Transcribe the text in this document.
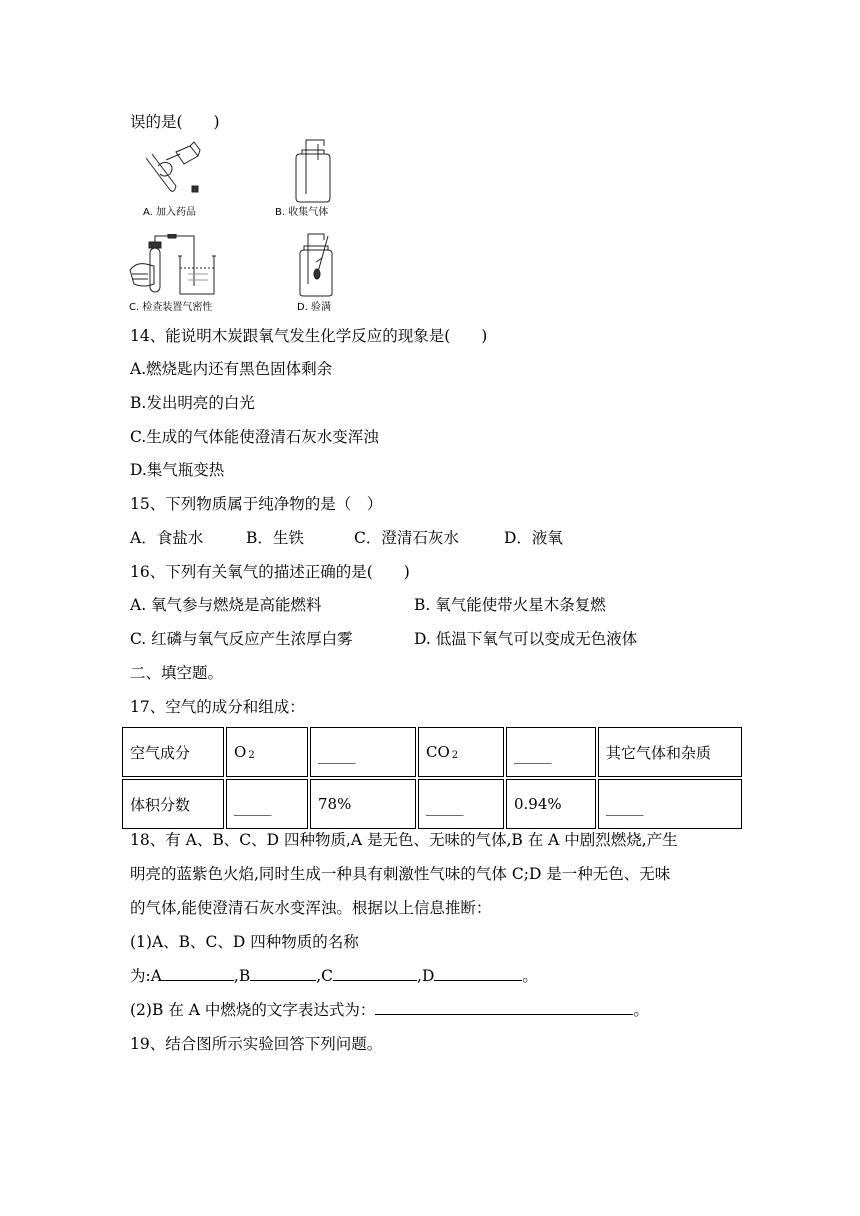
误的是(　　)
A. 加入药品	B. 收集气体
C. 检查装置气密性	D. 验满
14、能说明木炭跟氧气发生化学反应的现象是(　　)
A.燃烧匙内还有黑色固体剩余
B.发出明亮的白光
C.生成的气体能使澄清石灰水变浑浊
D.集气瓶变热
15、下列物质属于纯净物的是（　）
A．食盐水	B．生铁	C．澄清石灰水	D．液氧
16、下列有关氧气的描述正确的是(　　)
A. 氧气参与燃烧是高能燃料	B. 氧气能使带火星木条复燃
C. 红磷与氧气反应产生浓厚白雾	D. 低温下氧气可以变成无色液体
二、填空题。
17、空气的成分和组成：
空气成分	O $_2$	_____	CO $_2$	_____	其它气体和杂质
体积分数	_____	78%	_____	0.94%	_____
18、有 A、B、C、D 四种物质,A 是无色、无味的气体,B 在 A 中剧烈燃烧,产生
明亮的蓝紫色火焰,同时生成一种具有刺激性气味的气体 C;D 是一种无色、无味
的气体,能使澄清石灰水变浑浊。根据以上信息推断：
(1)A、B、C、D 四种物质的名称
为:A	,B	,C	,D	。
(2)B 在 A 中燃烧的文字表达式为：	。
19、结合图所示实验回答下列问题。
